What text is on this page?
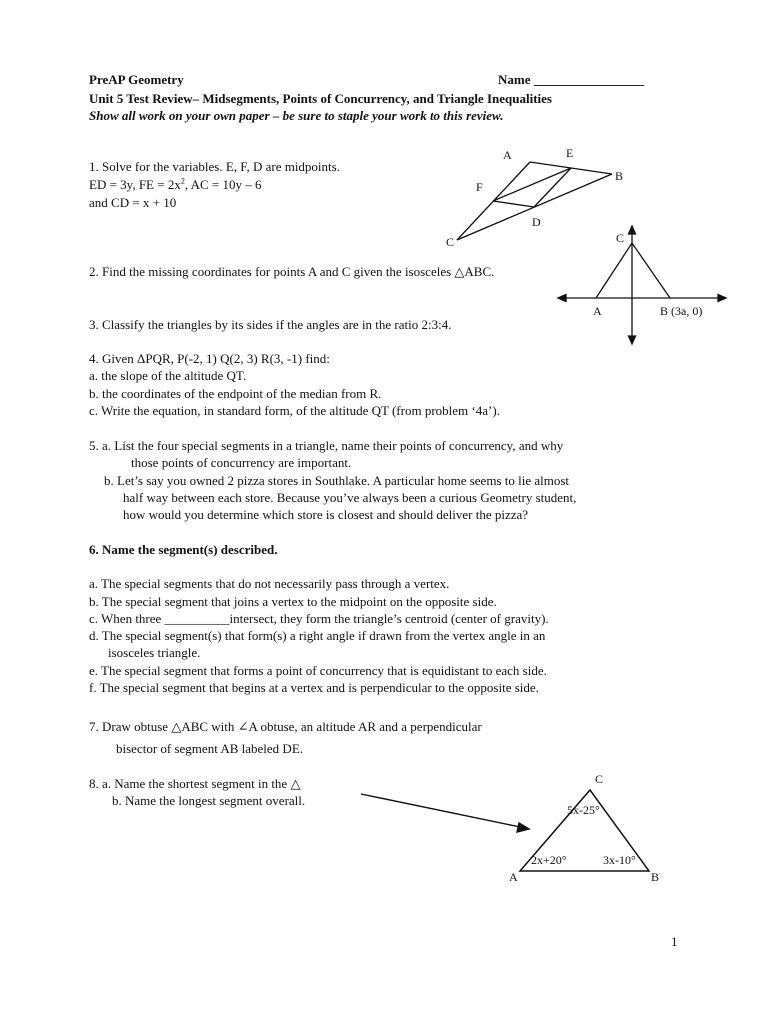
PreAP Geometry	Name _________________
Unit 5 Test Review– Midsegments, Points of Concurrency, and Triangle Inequalities
Show all work on your own paper – be sure to staple your work to this review.
1. Solve for the variables. E, F, D are midpoints.
ED = 3y, FE = $2x^2$, AC = 10y – 6
and CD = x + 10
A	E
B
F
D
C
2. Find the missing coordinates for points A and C given the isosceles △ABC.
C
A	B (3a, 0)
3. Classify the triangles by its sides if the angles are in the ratio 2:3:4.
4. Given ΔPQR, P(-2, 1) Q(2, 3) R(3, -1) find:
a. the slope of the altitude QT.
b. the coordinates of the endpoint of the median from R.
c. Write the equation, in standard form, of the altitude QT (from problem ‘4a’).
5. a. List the four special segments in a triangle, name their points of concurrency, and why
those points of concurrency are important.
b. Let’s say you owned 2 pizza stores in Southlake. A particular home seems to lie almost
half way between each store. Because you’ve always been a curious Geometry student,
how would you determine which store is closest and should deliver the pizza?
6. Name the segment(s) described.
a. The special segments that do not necessarily pass through a vertex.
b. The special segment that joins a vertex to the midpoint on the opposite side.
c. When three __________intersect, they form the triangle’s centroid (center of gravity).
d. The special segment(s) that form(s) a right angle if drawn from the vertex angle in an
isosceles triangle.
e. The special segment that forms a point of concurrency that is equidistant to each side.
f. The special segment that begins at a vertex and is perpendicular to the opposite side.
7. Draw obtuse △ABC with ∠A obtuse, an altitude AR and a perpendicular
bisector of segment AB labeled DE.
8. a. Name the shortest segment in the △
b. Name the longest segment overall.
C
A	B
5x-25°
2x+20°	3x-10°
1
